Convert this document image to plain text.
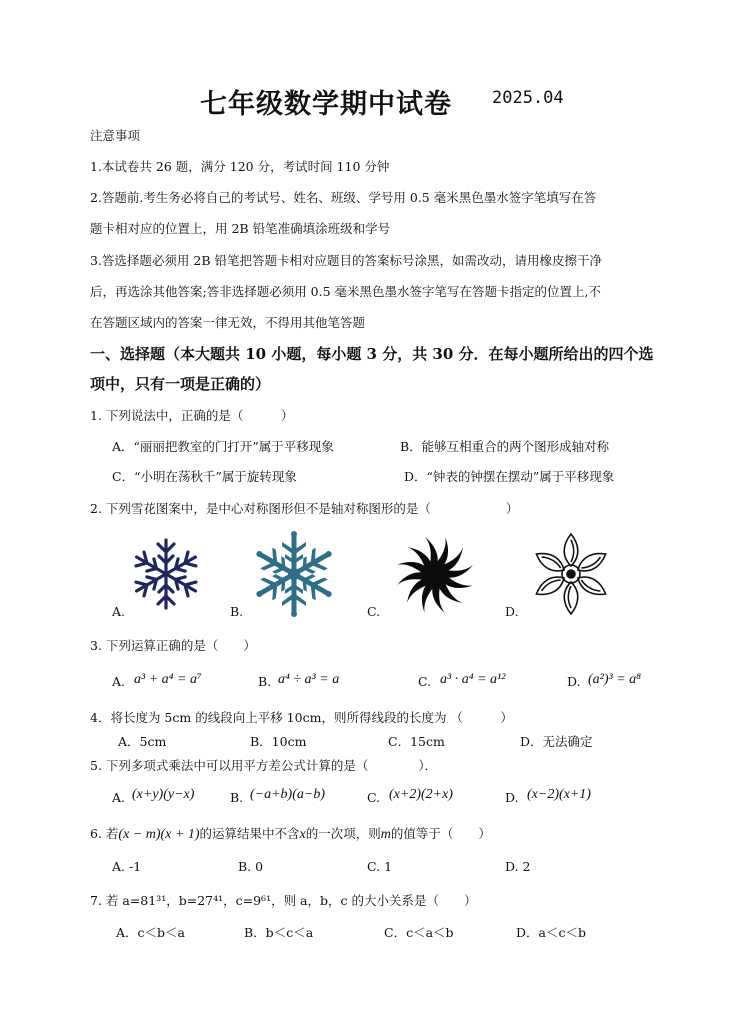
七年级数学期中试卷 2025.04
注意事项
1.本试卷共 26 题，满分 120 分，考试时间 110 分钟
2.答题前.考生务必将自己的考试号、姓名、班级、学号用 0.5 毫米黑色墨水签字笔填写在答
题卡相对应的位置上，用 2B 铅笔准确填涂班级和学号
3.答选择题必须用 2B 铅笔把答题卡相对应题目的答案标号涂黑，如需改动，请用橡皮擦干净
后，再选涂其他答案;答非选择题必须用 0.5 毫米黑色墨水签字笔写在答题卡指定的位置上,不
在答题区域内的答案一律无效，不得用其他笔答题
一、选择题（本大题共 10 小题，每小题 3 分，共 30 分．在每小题所给出的四个选
项中，只有一项是正确的）
1. 下列说法中，正确的是（　　　）
A．“丽丽把教室的门打开”属于平移现象	B．能够互相重合的两个图形成轴对称
C．“小明在荡秋千”属于旋转现象	D．“钟表的钟摆在摆动”属于平移现象
2. 下列雪花图案中，是中心对称图形但不是轴对称图形的是（　　　　　　）
A.	B.	C.	D.
3. 下列运算正确的是（　　）
A. a³ + a⁴ = a⁷	B. a⁴ ÷ a³ = a	C. a³ · a⁴ = a¹²	D. (a²)³ = a⁸
4．将长度为 5cm 的线段向上平移 10cm，则所得线段的长度为 （　　　）
A．5cm	B．10cm	C．15cm	D．无法确定
5. 下列多项式乘法中可以用平方差公式计算的是（　　　　）．
A. (x+y)(y−x)	B. (−a+b)(a−b)	C. (x+2)(2+x)	D. (x−2)(x+1)
6. 若(x − m)(x + 1)的运算结果中不含x的一次项，则m的值等于（　　）
A. -1	B. 0	C. 1	D. 2
7. 若 a=81³¹，b=27⁴¹，c=9⁶¹，则 a，b，c 的大小关系是（　　）
A．c＜b＜a	B．b＜c＜a	C．c＜a＜b	D．a＜c＜b
